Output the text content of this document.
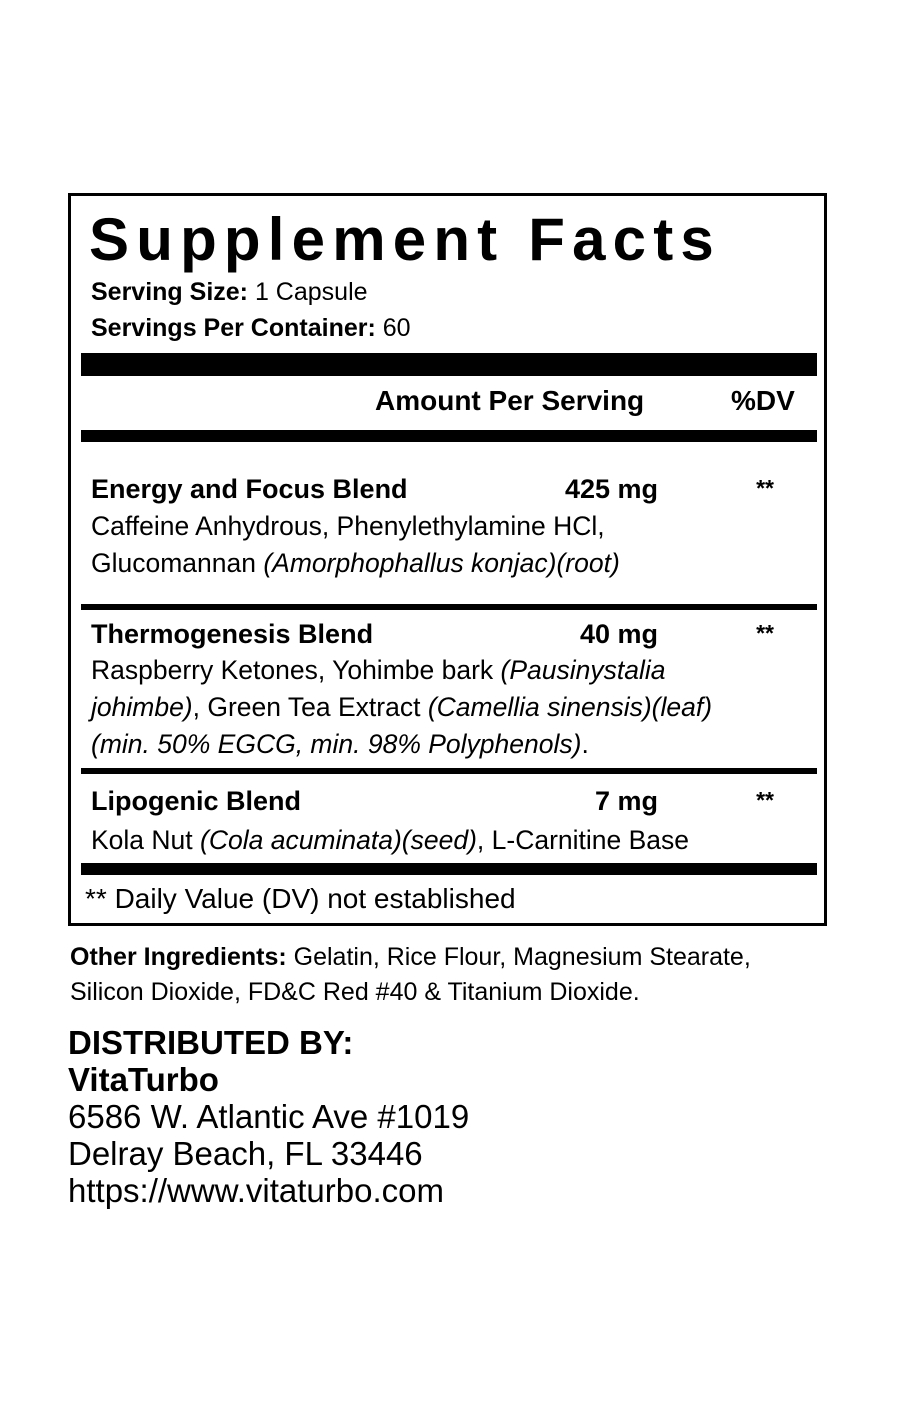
Supplement Facts
Serving Size: 1 Capsule
Servings Per Container: 60
Amount Per Serving	%DV
Energy and Focus Blend	425 mg	**
Caffeine Anhydrous, Phenylethylamine HCl,
Glucomannan (Amorphophallus konjac)(root)
Thermogenesis Blend	40 mg	**
Raspberry Ketones, Yohimbe bark (Pausinystalia
johimbe), Green Tea Extract (Camellia sinensis)(leaf)
(min. 50% EGCG, min. 98% Polyphenols).
Lipogenic Blend	7 mg	**
Kola Nut (Cola acuminata)(seed), L-Carnitine Base
** Daily Value (DV) not established
Other Ingredients: Gelatin, Rice Flour, Magnesium Stearate,
Silicon Dioxide, FD&C Red #40 & Titanium Dioxide.
DISTRIBUTED BY:
VitaTurbo
6586 W. Atlantic Ave #1019
Delray Beach, FL 33446
https://www.vitaturbo.com
